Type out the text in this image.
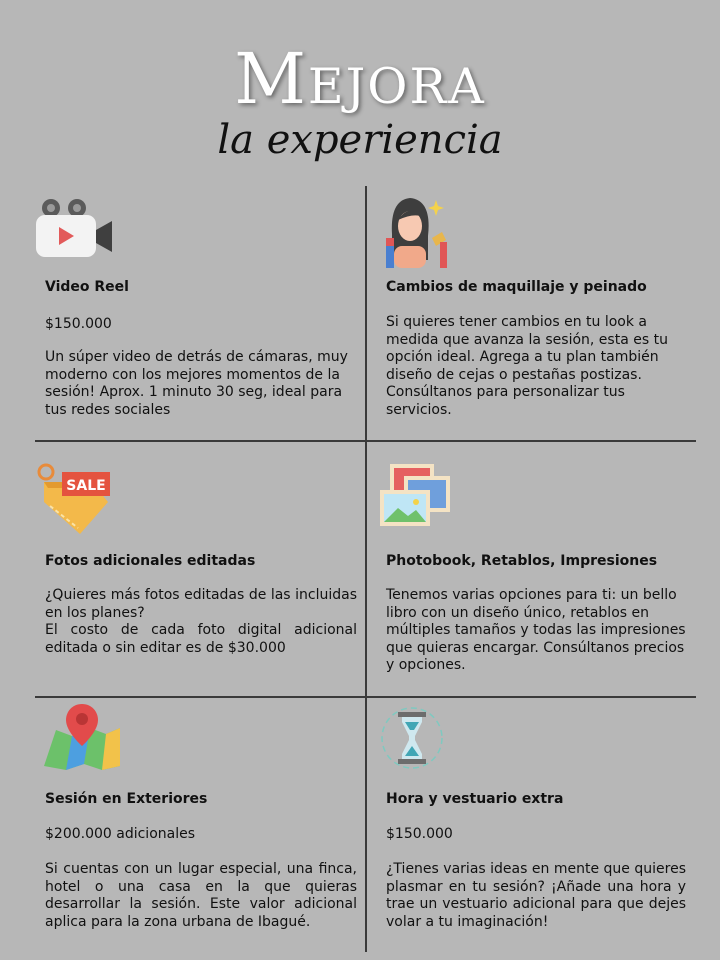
Mejora
la experiencia
Video Reel
$150.000
Un súper video de detrás de cámaras, muy moderno con los mejores momentos de la sesión! Aprox. 1 minuto 30 seg, ideal para tus redes sociales
Cambios de maquillaje y peinado
Si quieres tener cambios en tu look a medida que avanza la sesión, esta es tu opción ideal. Agrega a tu plan también diseño de cejas o pestañas postizas. Consúltanos para personalizar tus servicios.
SALE
Fotos adicionales editadas
¿Quieres más fotos editadas de las incluidas en los planes?
El costo de cada foto digital adicional editada o sin editar es de $30.000
Photobook, Retablos, Impresiones
Tenemos varias opciones para ti: un bello libro con un diseño único, retablos en múltiples tamaños y todas las impresiones que quieras encargar. Consúltanos precios y opciones.
Sesión en Exteriores
$200.000 adicionales
Si cuentas con un lugar especial, una finca, hotel o una casa en la que quieras desarrollar la sesión. Este valor adicional aplica para la zona urbana de Ibagué.
Hora y vestuario extra
$150.000
¿Tienes varias ideas en mente que quieres plasmar en tu sesión? ¡Añade una hora y trae un vestuario adicional para que dejes volar a tu imaginación!
